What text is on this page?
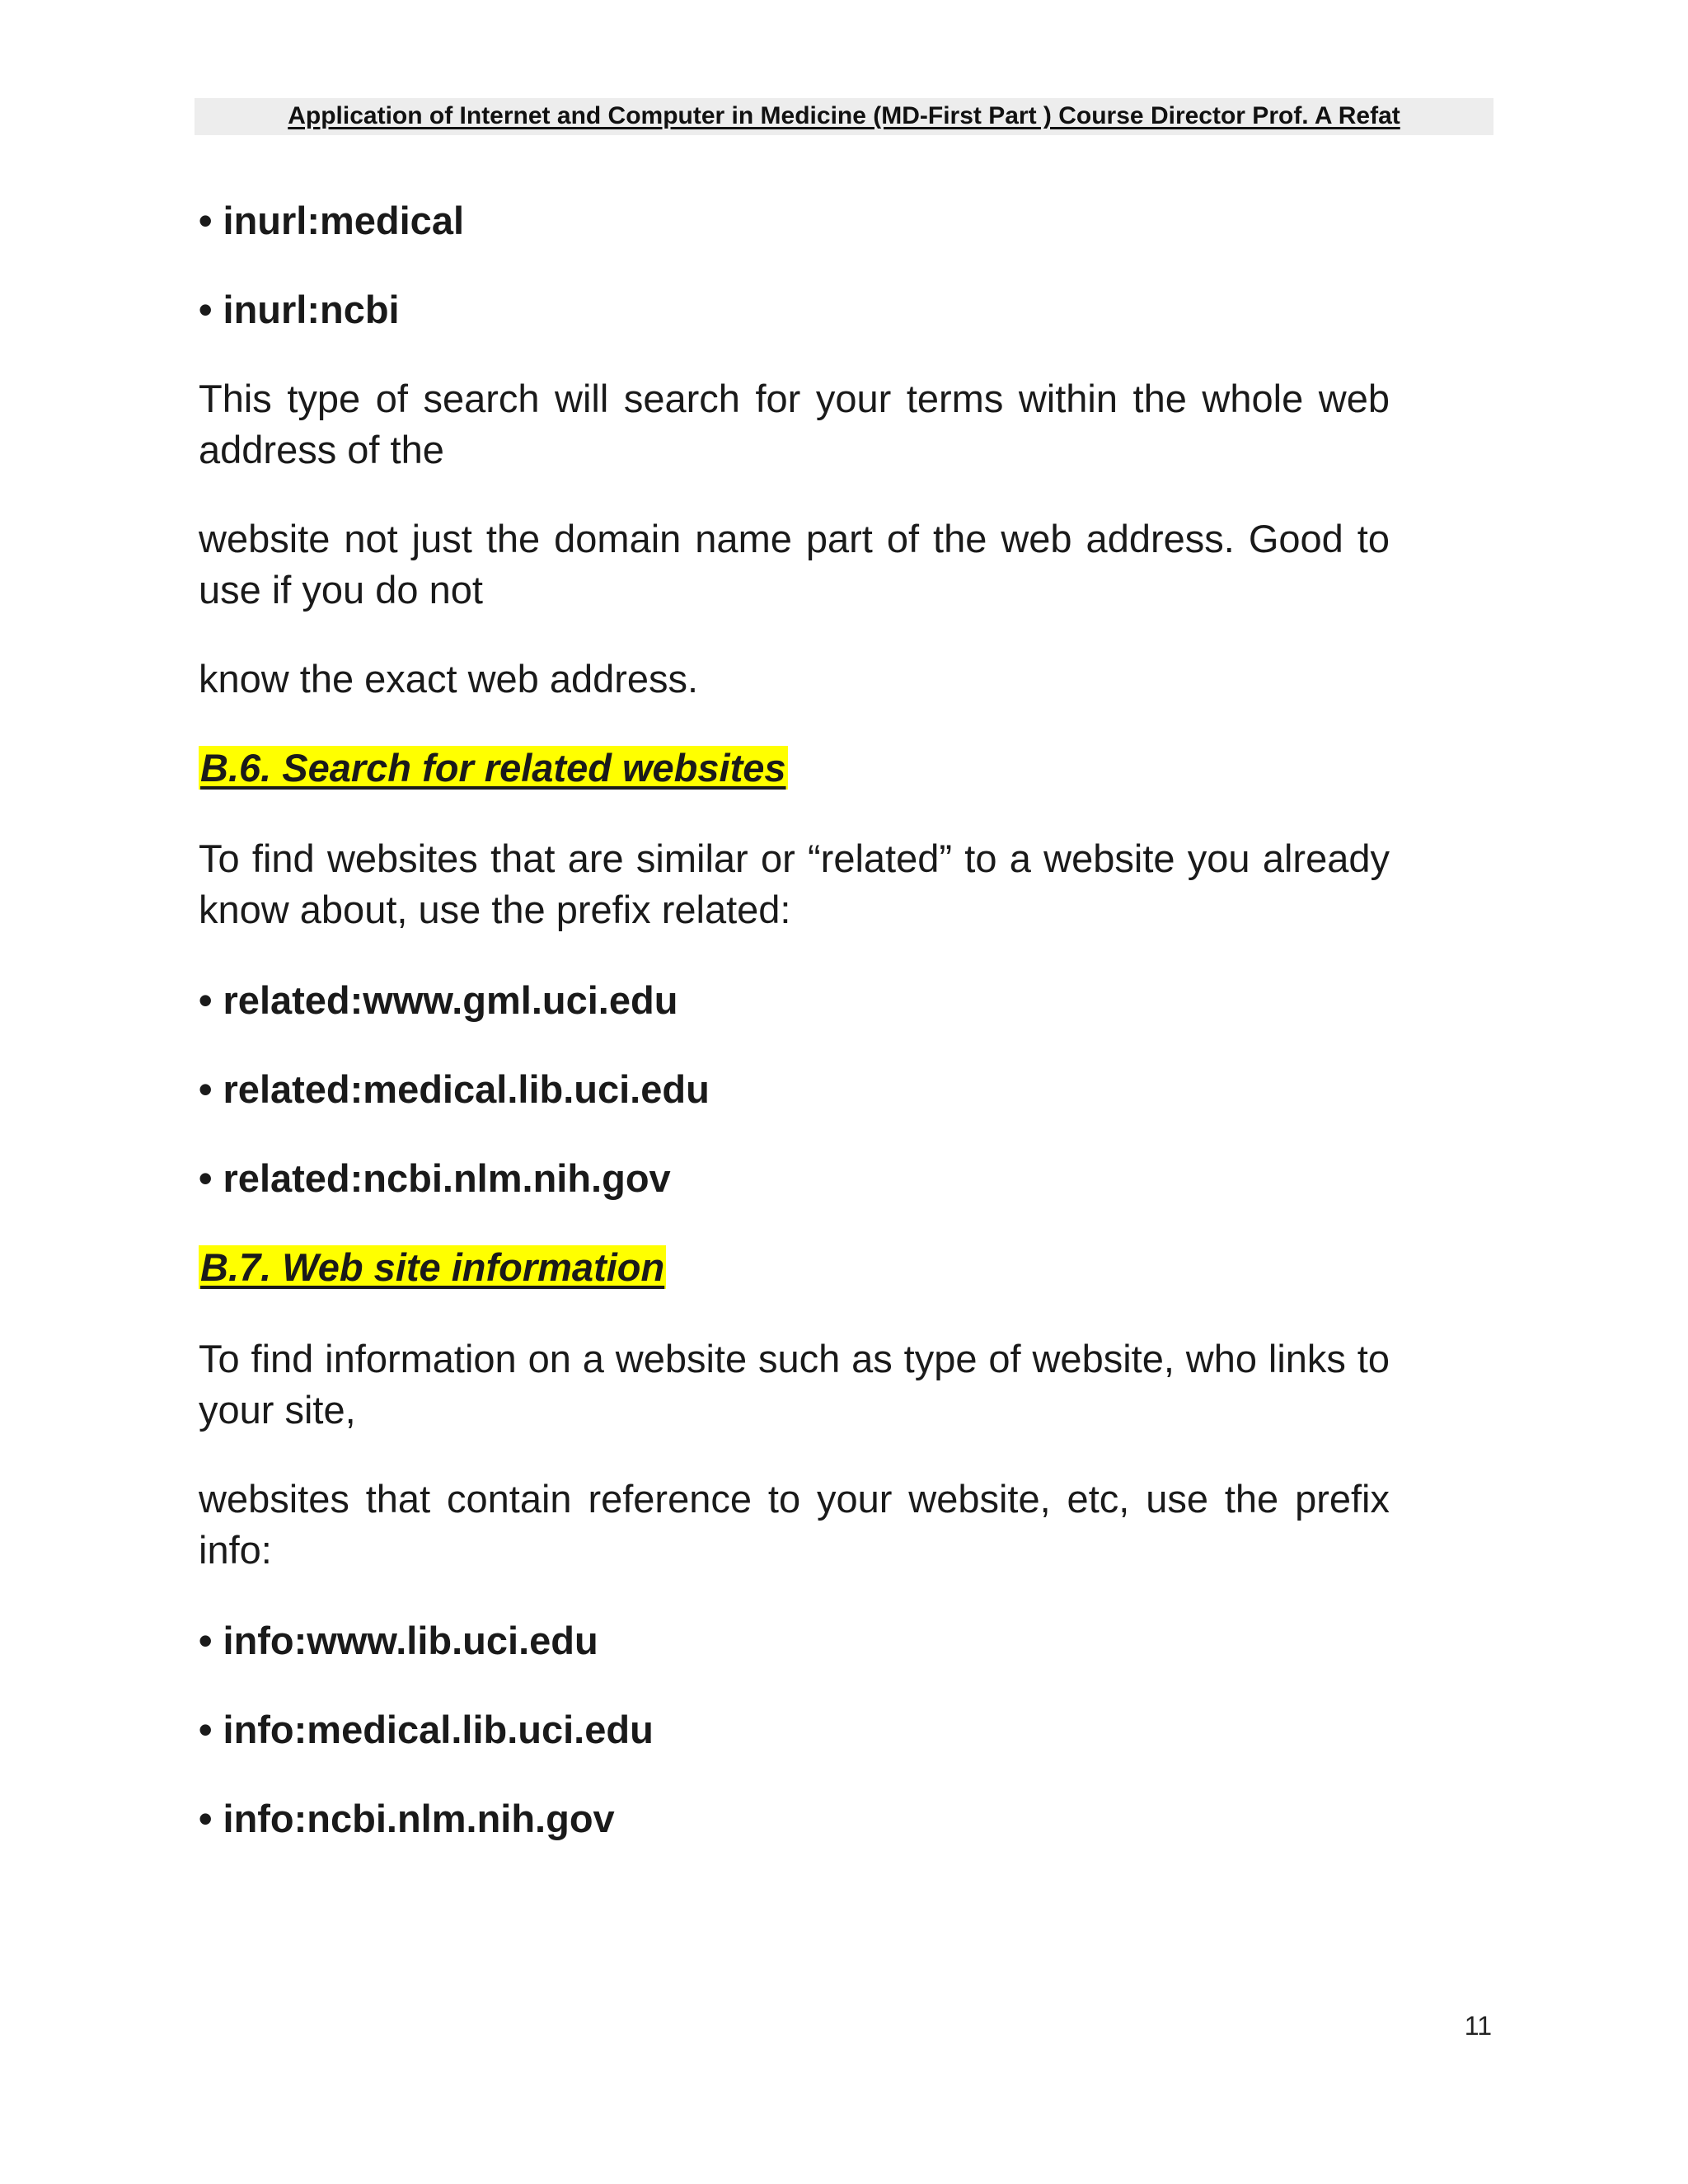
Application of Internet and Computer in Medicine (MD-First Part ) Course Director Prof. A Refat
• inurl:medical
• inurl:ncbi
This type of search will search for your terms within the whole web address of the
website not just the domain name part of the web address. Good to use if you do not
know the exact web address.
B.6. Search for related websites
To find websites that are similar or “related” to a website you already know about, use the prefix related:
• related:www.gml.uci.edu
• related:medical.lib.uci.edu
• related:ncbi.nlm.nih.gov
B.7. Web site information
To find information on a website such as type of website, who links to your site,
websites that contain reference to your website, etc, use the prefix info:
• info:www.lib.uci.edu
• info:medical.lib.uci.edu
• info:ncbi.nlm.nih.gov
11
